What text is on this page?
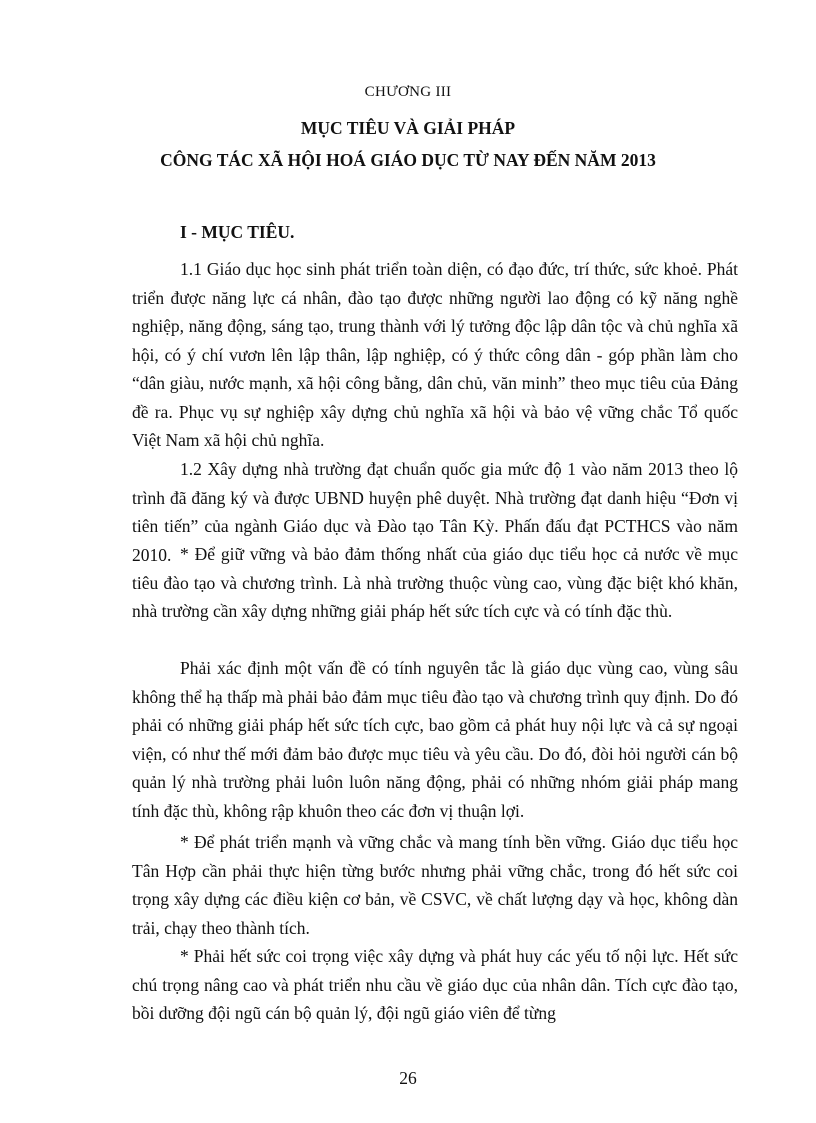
CHƯƠNG III
MỤC TIÊU VÀ GIẢI PHÁP
CÔNG TÁC XÃ HỘI HOÁ GIÁO DỤC TỪ NAY ĐẾN NĂM 2013
I - MỤC TIÊU.

1.1 Giáo dục học sinh phát triển toàn diện, có đạo đức, trí thức, sức khoẻ. Phát triển được năng lực cá nhân, đào tạo được những người lao động có kỹ năng nghề nghiệp, năng động, sáng tạo, trung thành với lý tưởng độc lập dân tộc và chủ nghĩa xã hội, có ý chí vươn lên lập thân, lập nghiệp, có ý thức công dân - góp phần làm cho “dân giàu, nước mạnh, xã hội công bằng, dân chủ, văn minh” theo mục tiêu của Đảng đề ra. Phục vụ sự nghiệp xây dựng chủ nghĩa xã hội và bảo vệ vững chắc Tổ quốc Việt Nam xã hội chủ nghĩa.

1.2 Xây dựng nhà trường đạt chuẩn quốc gia mức độ 1 vào năm 2013 theo lộ trình đã đăng ký và được UBND huyện phê duyệt. Nhà trường đạt danh hiệu “Đơn vị tiên tiến” của ngành Giáo dục và Đào tạo Tân Kỳ. Phấn đấu đạt PCTHCS vào năm 2010. * Để giữ vững và bảo đảm thống nhất của giáo dục tiểu học cả nước về mục tiêu đào tạo và chương trình. Là nhà trường thuộc vùng cao, vùng đặc biệt khó khăn, nhà trường cần xây dựng những giải pháp hết sức tích cực và có tính đặc thù.

Phải xác định một vấn đề có tính nguyên tắc là giáo dục vùng cao, vùng sâu không thể hạ thấp mà phải bảo đảm mục tiêu đào tạo và chương trình quy định. Do đó phải có những giải pháp hết sức tích cực, bao gồm cả phát huy nội lực và cả sự ngoại viện, có như thế mới đảm bảo được mục tiêu và yêu cầu. Do đó, đòi hỏi người cán bộ quản lý nhà trường phải luôn luôn năng động, phải có những nhóm giải pháp mang tính đặc thù, không rập khuôn theo các đơn vị thuận lợi.

* Để phát triển mạnh và vững chắc và mang tính bền vững. Giáo dục tiểu học Tân Hợp cần phải thực hiện từng bước nhưng phải vững chắc, trong đó hết sức coi trọng xây dựng các điều kiện cơ bản, về CSVC, về chất lượng dạy và học, không dàn trải, chạy theo thành tích.

* Phải hết sức coi trọng việc xây dựng và phát huy các yếu tố nội lực. Hết sức chú trọng nâng cao và phát triển nhu cầu về giáo dục của nhân dân. Tích cực đào tạo, bồi dưỡng đội ngũ cán bộ quản lý, đội ngũ giáo viên để từng

26
